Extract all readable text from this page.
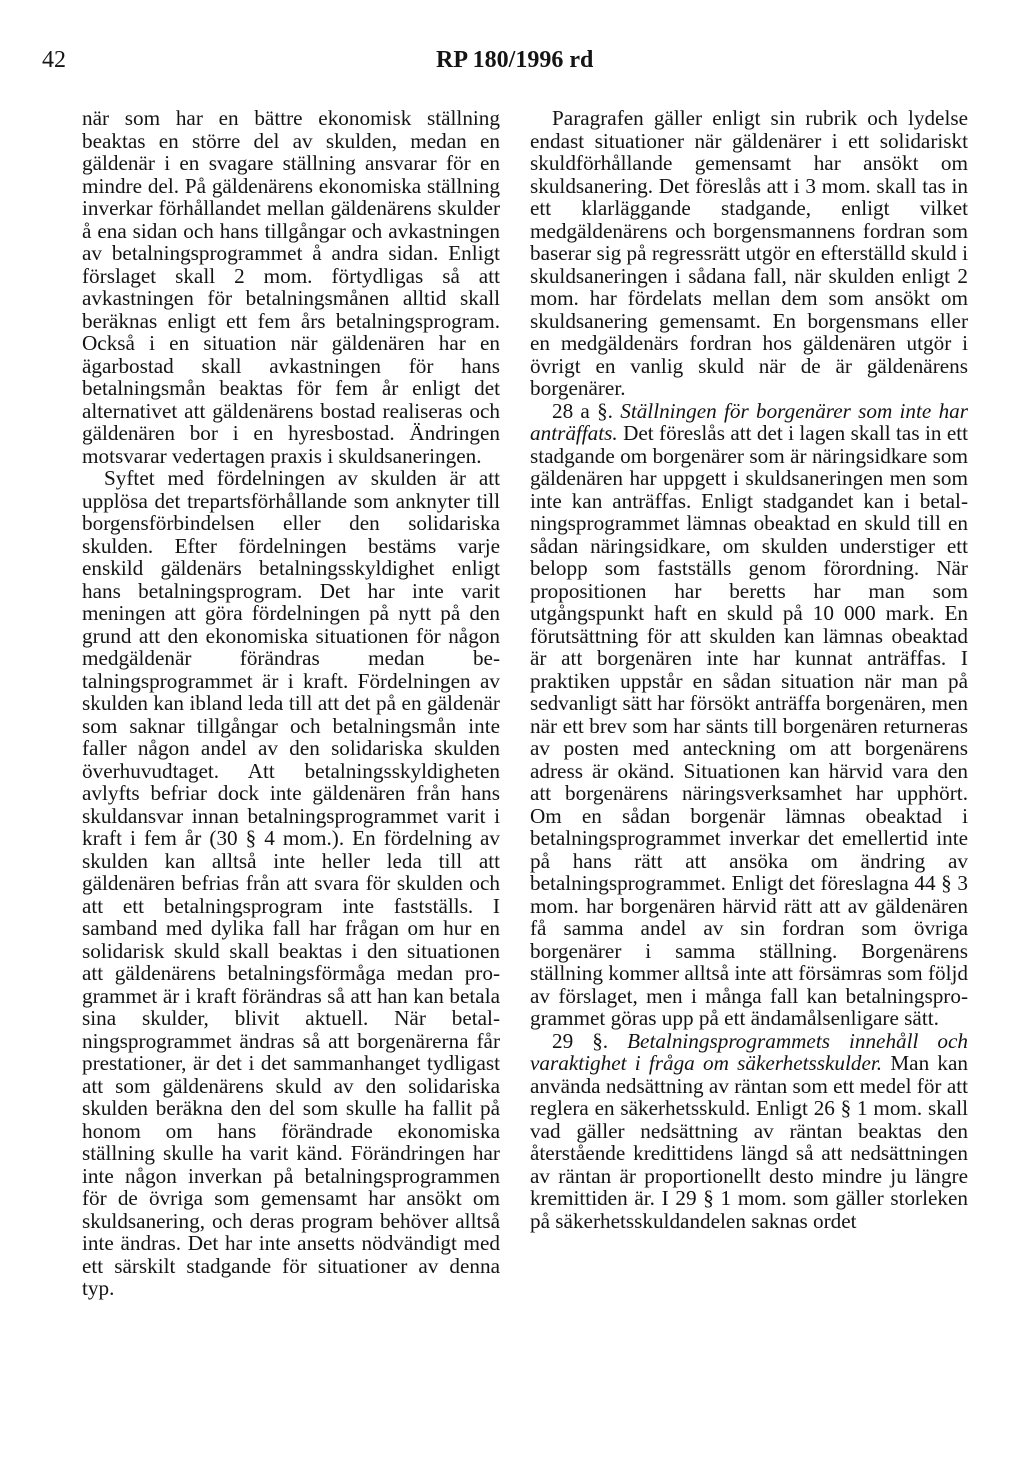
42	RP 180/1996 rd

när som har en bättre ekonomisk ställning beaktas en större del av skulden, medan en gäldenär i en svagare ställning ansvarar för en mindre del. På gäldenärens ekonomiska ställning inverkar förhållandet mellan gäldenärens skulder å ena sidan och hans tillgångar och avkastningen av betalningsprogrammet å andra sidan. Enligt förslaget skall 2 mom. förtydligas så att avkastningen för betalningsmånen alltid skall beräknas enligt ett fem års betalningsprogram. Också i en situation när gäldenären har en ägarbostad skall avkastningen för hans betalningsmån beaktas för fem år enligt det alternativet att gäldenärens bostad realiseras och gäldenären bor i en hyresbostad. Ändringen motsvarar vedertagen praxis i skuldsaneringen.

Syftet med fördelningen av skulden är att upplösa det trepartsförhållande som anknyter till borgensförbindelsen eller den solidariska skulden. Efter fördelningen bestäms varje enskild gäldenärs betalningsskyldighet enligt hans betalningsprogram. Det har inte varit meningen att göra fördelningen på nytt på den grund att den ekonomiska situationen för någon medgäldenär förändras medan betalningsprogrammet är i kraft. Fördelningen av skulden kan ibland leda till att det på en gäldenär som saknar tillgångar och betalningsmån inte faller någon andel av den solidariska skulden överhuvudtaget. Att betalningsskyldigheten avlyfts befriar dock inte gäldenären från hans skuldansvar innan betalningsprogrammet varit i kraft i fem år (30 § 4 mom.). En fördelning av skulden kan alltså inte heller leda till att gäldenären befrias från att svara för skulden och att ett betalningsprogram inte fastställs. I samband med dylika fall har frågan om hur en solidarisk skuld skall beaktas i den situationen att gäldenärens betalningsförmåga medan programmet är i kraft förändras så att han kan betala sina skulder, blivit aktuell. När betalningsprogrammet ändras så att borgenärerna får prestationer, är det i det sammanhanget tydligast att som gäldenärens skuld av den solidariska skulden beräkna den del som skulle ha fallit på honom om hans förändrade ekonomiska ställning skulle ha varit känd. Förändringen har inte någon inverkan på betalningsprogrammen för de övriga som gemensamt har ansökt om skuldsanering, och deras program behöver alltså inte ändras. Det har inte ansetts nödvändigt med ett särskilt stadgande för situationer av denna typ.

Paragrafen gäller enligt sin rubrik och lydelse endast situationer när gäldenärer i ett solidariskt skuldförhållande gemensamt har ansökt om skuldsanering. Det föreslås att i 3 mom. skall tas in ett klarläggande stadgande, enligt vilket medgäldenärens och borgensmannens fordran som baserar sig på regressrätt utgör en efterställd skuld i skuldsaneringen i sådana fall, när skulden enligt 2 mom. har fördelats mellan dem som ansökt om skuldsanering gemensamt. En borgensmans eller en medgäldenärs fordran hos gäldenären utgör i övrigt en vanlig skuld när de är gäldenärens borgenärer.

28 a §. Ställningen för borgenärer som inte har anträffats. Det föreslås att det i lagen skall tas in ett stadgande om borgenärer som är näringsidkare som gäldenären har uppgett i skuldsaneringen men som inte kan anträffas. Enligt stadgandet kan i betalningsprogrammet lämnas obeaktad en skuld till en sådan näringsidkare, om skulden understiger ett belopp som fastställs genom förordning. När propositionen har beretts har man som utgångspunkt haft en skuld på 10 000 mark. En förutsättning för att skulden kan lämnas obeaktad är att borgenären inte har kunnat anträffas. I praktiken uppstår en sådan situation när man på sedvanligt sätt har försökt anträffa borgenären, men när ett brev som har sänts till borgenären returneras av posten med anteckning om att borgenärens adress är okänd. Situationen kan härvid vara den att borgenärens näringsverksamhet har upphört. Om en sådan borgenär lämnas obeaktad i betalningsprogrammet inverkar det emellertid inte på hans rätt att ansöka om ändring av betalningsprogrammet. Enligt det föreslagna 44 § 3 mom. har borgenären härvid rätt att av gäldenären få samma andel av sin fordran som övriga borgenärer i samma ställning. Borgenärens ställning kommer alltså inte att försämras som följd av förslaget, men i många fall kan betalningsprogrammet göras upp på ett ändamålsenligare sätt.

29 §. Betalningsprogrammets innehåll och varaktighet i fråga om säkerhetsskulder. Man kan använda nedsättning av räntan som ett medel för att reglera en säkerhetsskuld. Enligt 26 § 1 mom. skall vad gäller nedsättning av räntan beaktas den återstående kredittidens längd så att nedsättningen av räntan är proportionellt desto mindre ju längre kremittiden är. I 29 § 1 mom. som gäller storleken på säkerhetsskuldandelen saknas ordet
